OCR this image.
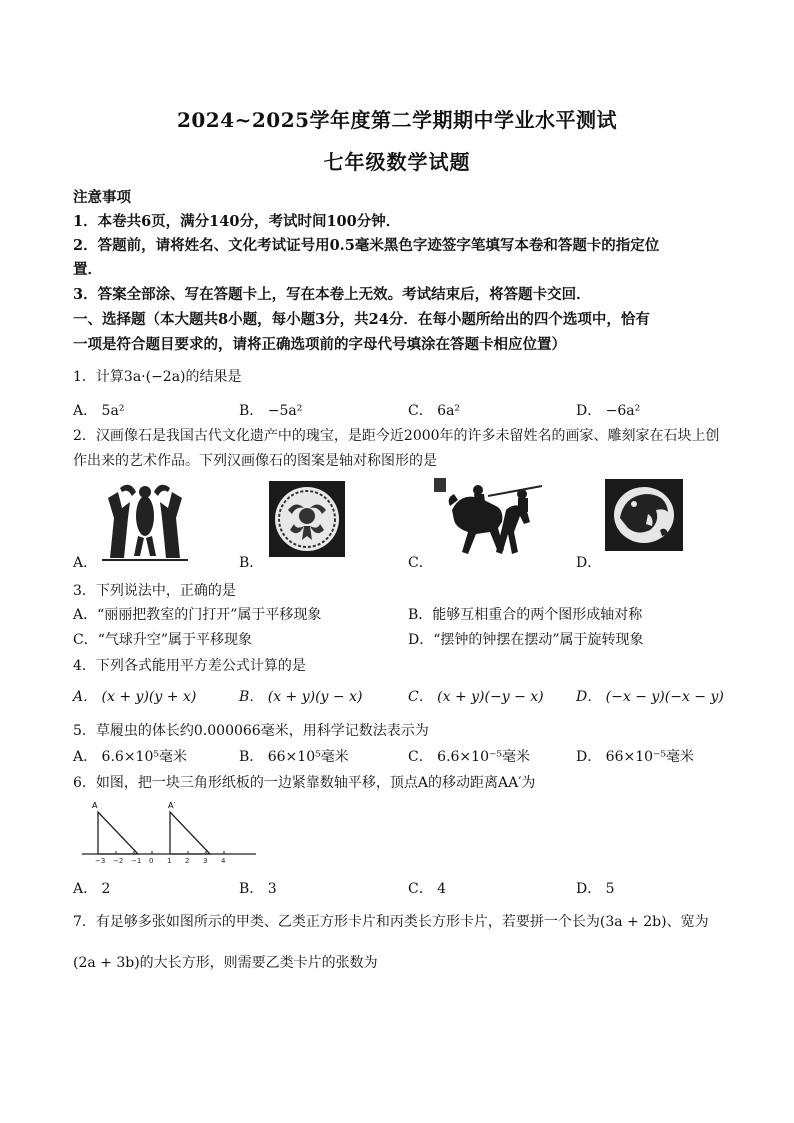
2024~2025学年度第二学期期中学业水平测试
七年级数学试题
注意事项
1．本卷共6页，满分140分，考试时间100分钟．
2．答题前，请将姓名、文化考试证号用0.5毫米黑色字迹签字笔填写本卷和答题卡的指定位
置．
3．答案全部涂、写在答题卡上，写在本卷上无效。考试结束后，将答题卡交回．
一、选择题（本大题共8小题，每小题3分，共24分．在每小题所给出的四个选项中，恰有
一项是符合题目要求的，请将正确选项前的字母代号填涂在答题卡相应位置）
1．计算3a·(−2a)的结果是
A． 5a²	B． −5a²	C． 6a²	D． −6a²
2．汉画像石是我国古代文化遗产中的瑰宝，是距今近2000年的许多未留姓名的画家、雕刻家在石块上创
作出来的艺术作品。下列汉画像石的图案是轴对称图形的是
A．	B．	C．	D．
3．下列说法中，正确的是
A．“丽丽把教室的门打开”属于平移现象	B．能够互相重合的两个图形成轴对称
C．“气球升空”属于平移现象	D．“摆钟的钟摆在摆动”属于旋转现象
4．下列各式能用平方差公式计算的是
A． (x + y)(y + x)	B． (x + y)(y − x)	C． (x + y)(−y − x) D． (−x − y)(−x − y)
5．草履虫的体长约0.000066毫米，用科学记数法表示为
A． 6.6×10⁵毫米	B． 66×10⁵毫米	C． 6.6×10⁻⁵毫米	D． 66×10⁻⁵毫米
6．如图，把一块三角形纸板的一边紧靠数轴平移，顶点A的移动距离AA′为
A	A′
−3 −2 −1 0 1 2 3 4
A． 2	B． 3	C． 4	D． 5
7．有足够多张如图所示的甲类、乙类正方形卡片和丙类长方形卡片，若要拼一个长为(3a + 2b)、宽为
(2a + 3b)的大长方形，则需要乙类卡片的张数为
